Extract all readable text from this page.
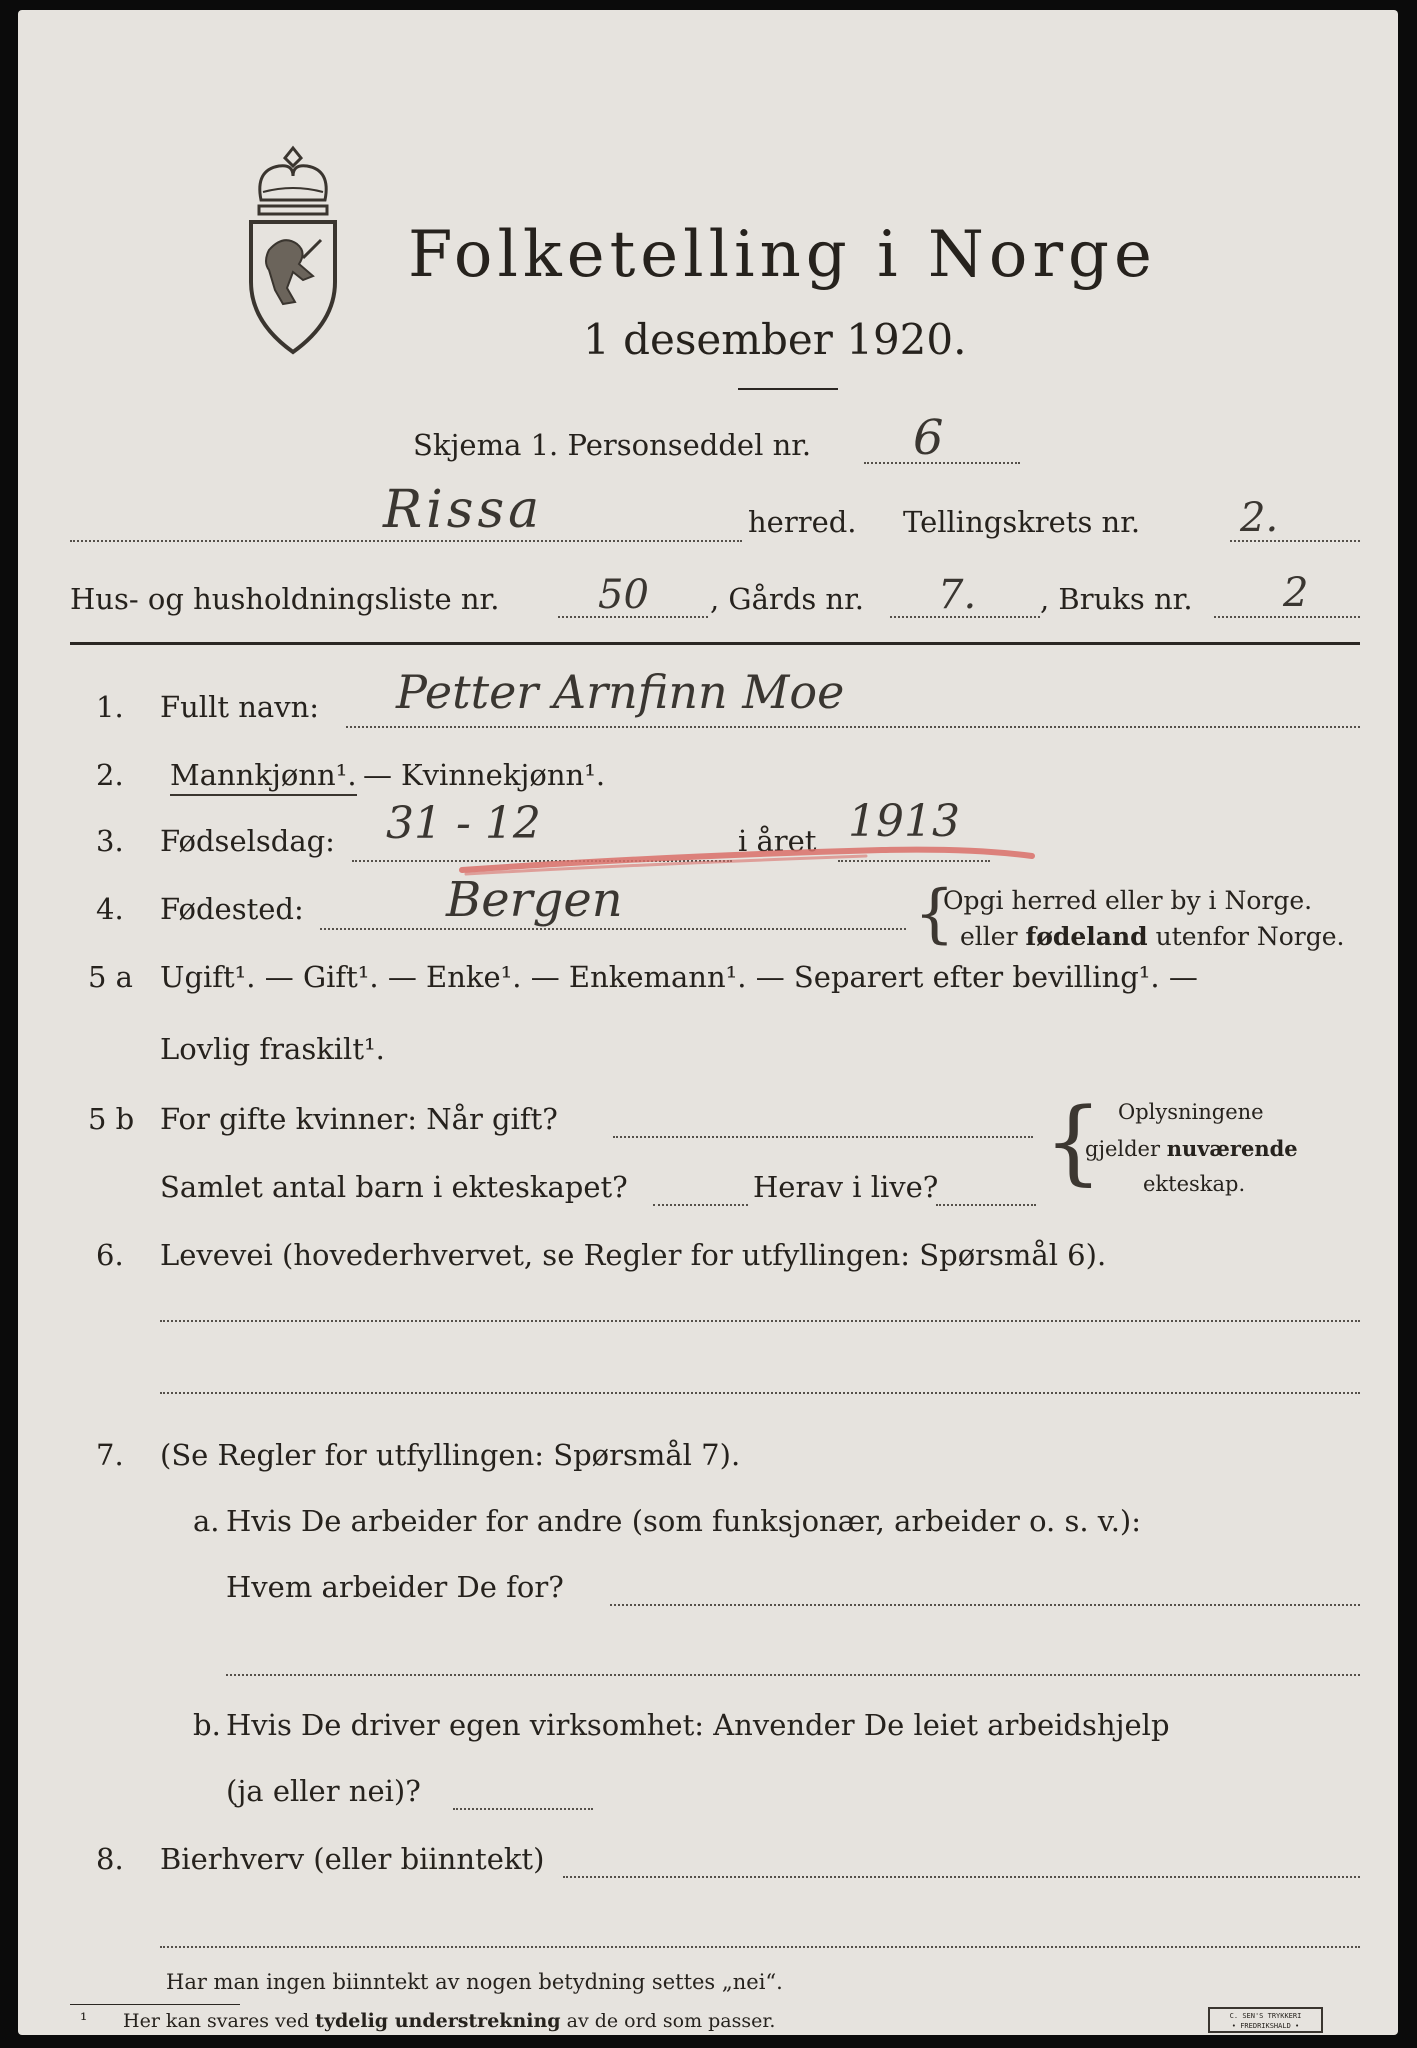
Folketelling i Norge
1 desember 1920.
Skjema 1. Personseddel nr. 6
Rissa	herred. Tellingskrets nr. 2.
Hus- og husholdningsliste nr. 50 , Gårds nr. 7. , Bruks nr. 2
1. Fullt navn: Petter Arnfinn Moe
2. Mannkjønn¹. — Kvinnekjønn¹.
3. Fødselsdag: 31 - 12	i året 1913
4. Fødested:	Bergen	{
Opgi herred eller by i Norge.
eller fødeland utenfor Norge.
5 a Ugift¹. — Gift¹. — Enke¹. — Enkemann¹. — Separert efter bevilling¹. —
Lovlig fraskilt¹.
5 b For gifte kvinner: Når gift?
Samlet antal barn i ekteskapet?	Herav i live? { Oplysningene
gjelder nuværende
ekteskap.
6. Levevei (hovederhvervet, se Regler for utfyllingen: Spørsmål 6).
7. (Se Regler for utfyllingen: Spørsmål 7).
a. Hvis De arbeider for andre (som funksjonær, arbeider o. s. v.):
Hvem arbeider De for?
b. Hvis De driver egen virksomhet: Anvender De leiet arbeidshjelp
(ja eller nei)?
8. Bierhverv (eller biinntekt)
Har man ingen biinntekt av nogen betydning settes „nei“.
¹ Her kan svares ved tydelig understrekning av de ord som passer.	C. SEN'S TRYKKERI
• FREDRIKSHALD •
